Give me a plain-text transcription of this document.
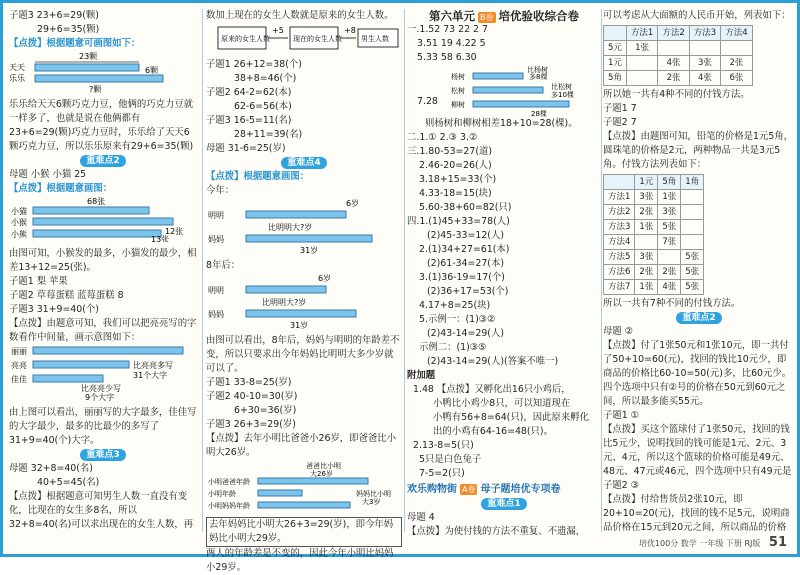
子题3 23+6=29(颗)
29+6=35(颗)
【点拨】根据题意可画图如下：
23颗
天天
乐乐
6颗
?颗
乐乐给天天6颗巧克力豆，他俩的巧克力豆就一样多了，也就是说在他俩都有23+6=29(颗)巧克力豆时，乐乐给了天天6颗巧克力豆，所以乐乐原来有29+6=35(颗)
重难点2
母题 小猴 小猫 25
【点拨】根据题意画图：
68张
小猫
小猴
小熊	12张
13张
由图可知，小猴发的最多，小猫发的最少，相差13+12=25(张)。
子题1 梨 苹果
子题2 草莓蛋糕 蓝莓蛋糕 8
子题3 31+9=40(个)
【点拨】由题意可知，我们可以把亮亮写的字数看作中间量，画示意图如下：
丽丽
亮亮	比亮亮多写
31个大字
佳佳
比亮亮少写
9个大字
由上图可以看出，丽丽写的大字最多，佳佳写的大字最少，最多的比最少的多写了31+9=40(个)大字。
重难点3
母题 32+8=40(名)
40+5=45(名)
【点拨】根据题意可知男生人数一直没有变化，比现在的女生多8名，所以32+8=40(名)可以求出现在的女生人数，再
数加上现在的女生人数就是原来的女生人数。
原来的女生人数
+5
现在的女生人数
+8
男生人数
子题1 26+12=38(个)
38+8=46(个)
子题2 64-2=62(本)
62-6=56(本)
子题3 16-5=11(名)
28+11=39(名)
母题 31-6=25(岁)
重难点4
【点拨】根据题意画图：
今年：
6岁
明明
比明明大?岁
妈妈
31岁
8年后：
6岁
明明
比明明大?岁
妈妈
31岁
由图可以看出，8年后，妈妈与明明的年龄差不变，所以只要求出今年妈妈比明明大多少岁就可以了。
子题1 33-8=25(岁)
子题2 40-10=30(岁)
6+30=36(岁)
子题3 26+3=29(岁)
【点拨】去年小明比爸爸小26岁，即爸爸比小明大26岁。
爸爸比小明
大26岁
小明爸爸年龄
小明年龄	妈妈比小明
大3岁
小明妈妈年龄
去年妈妈比小明大26+3=29(岁)，即今年妈妈比小明大29岁。
两人的年龄差是不变的，因此今年小明比妈妈小29岁。
第六单元 B卷 培优验收综合卷
一.1.52 73 22 2 7
3.51 19 4.22 5
5.33 58 6.30
7.28
杨树
比杨树
多8棵
松树	比松树
多10棵
柳树
28棵
则杨树和柳树相差18+10=28(棵)。
二.1.① 2.③ 3.②
三.1.80-53=27(道)
2.46-20=26(人)
3.18+15=33(个)
4.33-18=15(块)
5.60-38+60=82(只)
四.1.(1)45+33=78(人)
(2)45-33=12(人)
2.(1)34+27=61(本)
(2)61-34=27(本)
3.(1)36-19=17(个)
(2)36+17=53(个)
4.17+8=25(块)
5.示例一：(1)③②
(2)43-14=29(人)
示例二：(1)③⑤
(2)43-14=29(人)(答案不唯一)
附加题
1.48 【点拨】又孵化出16只小鸡后，
小鸭比小鸡少8只，可以知道现在
小鸭有56+8=64(只)，因此原来孵化
出的小鸡有64-16=48(只)。
2.13-8=5(只)
5只是白色兔子
7-5=2(只)
欢乐购物街 A卷 母子题培优专项卷
重难点1
母题 4
【点拨】为使付钱的方法不重复、不遗漏，
可以考虑从大面额的人民币开始，列表如下：
	方法1	方法2	方法3	方法4
5元	1张			
1元		4张	3张	2张
5角		2张	4张	6张
所以她一共有4种不同的付钱方法。
子题1 7
子题2 7
【点拨】由题图可知，铅笔的价格是1元5角，圆珠笔的价格是2元，两种物品一共是3元5角。付钱方法列表如下：
	1元	5角	1角
方法1	3张	1张	
方法2	2张	3张	
方法3	1张	5张	
方法4		7张	
方法5	3张		5张
方法6	2张	2张	5张
方法7	1张	4张	5张
所以一共有7种不同的付钱方法。
重难点2
母题 ②
【点拨】付了1张50元和1张10元，即一共付了50+10=60(元)，找回的钱比10元少，即商品的价格比60-10=50(元)多，比60元少。四个选项中只有②号的价格在50元到60元之间，所以最多能买55元。
子题1 ①
【点拨】买这个篮球付了1张50元，找回的钱比5元少，说明找回的钱可能是1元、2元、3元、4元，所以这个篮球的价格可能是49元、48元、47元或46元，四个选项中只有49元是
子题2 ③
【点拨】付给售货员2张10元，即20+10=20(元)，找回的钱不足5元，说明商品价格在15元到20元之间，所以商品的价格
培优100分 数学 一年级 下册 RJ版 51
